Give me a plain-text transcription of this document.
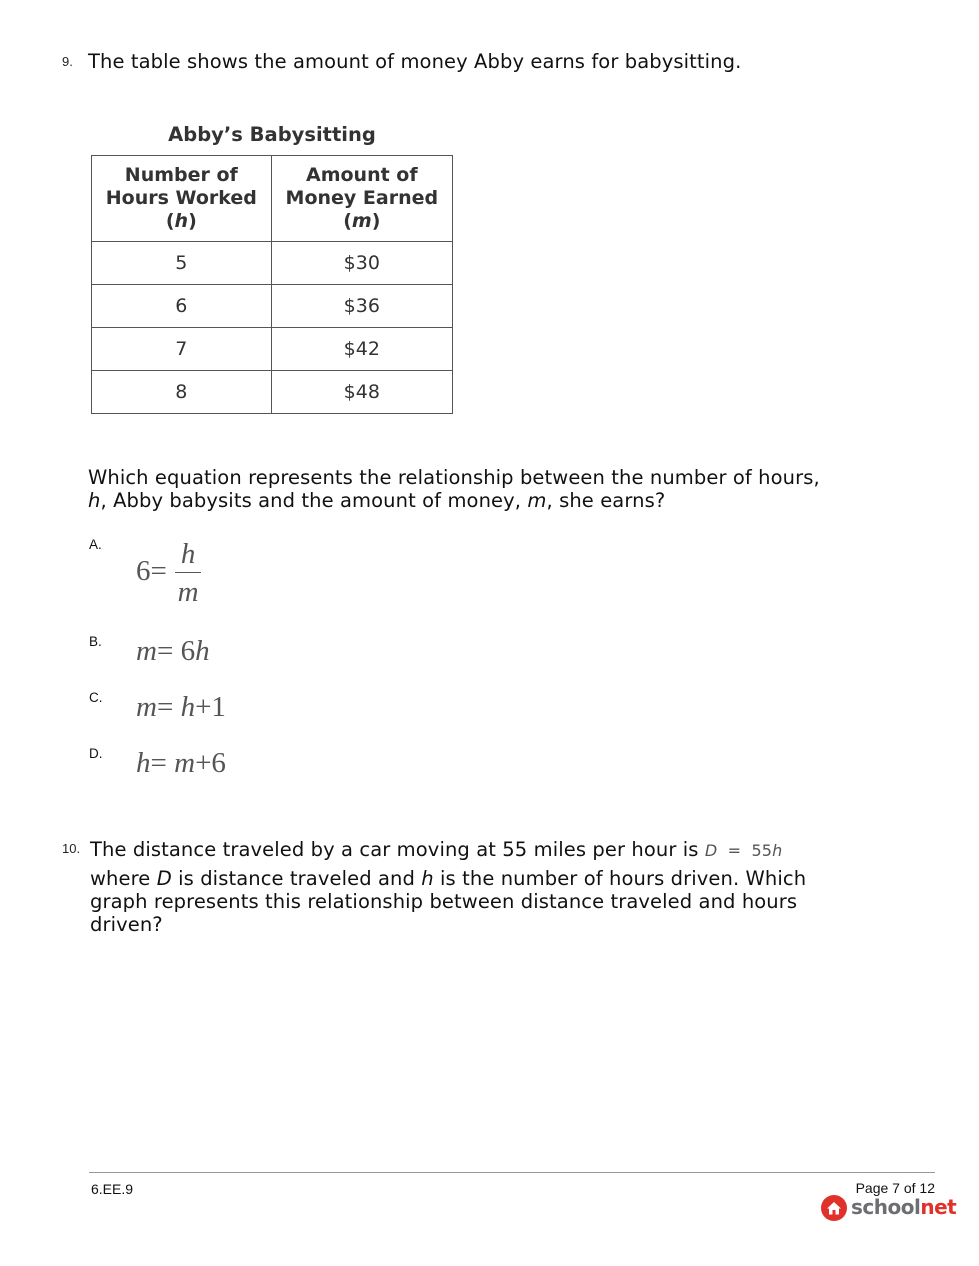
9. The table shows the amount of money Abby earns for babysitting.
Abby’s Babysitting
Number of
Hours Worked
(h)	Amount of
Money Earned
(m)
5	$30
6	$36
7	$42
8	$48
Which equation represents the relationship between the number of hours,
h, Abby babysits and the amount of money, m, she earns?
A.
$6= \frac{h}{m}$
B. m= 6h
C. m= h+1
D. h= m+6
10. The distance traveled by a car moving at 55 miles per hour is D = 55h
where D is distance traveled and h is the number of hours driven. Which
graph represents this relationship between distance traveled and hours
driven?
6.EE.9	Page 7 of 12
schoolnet
